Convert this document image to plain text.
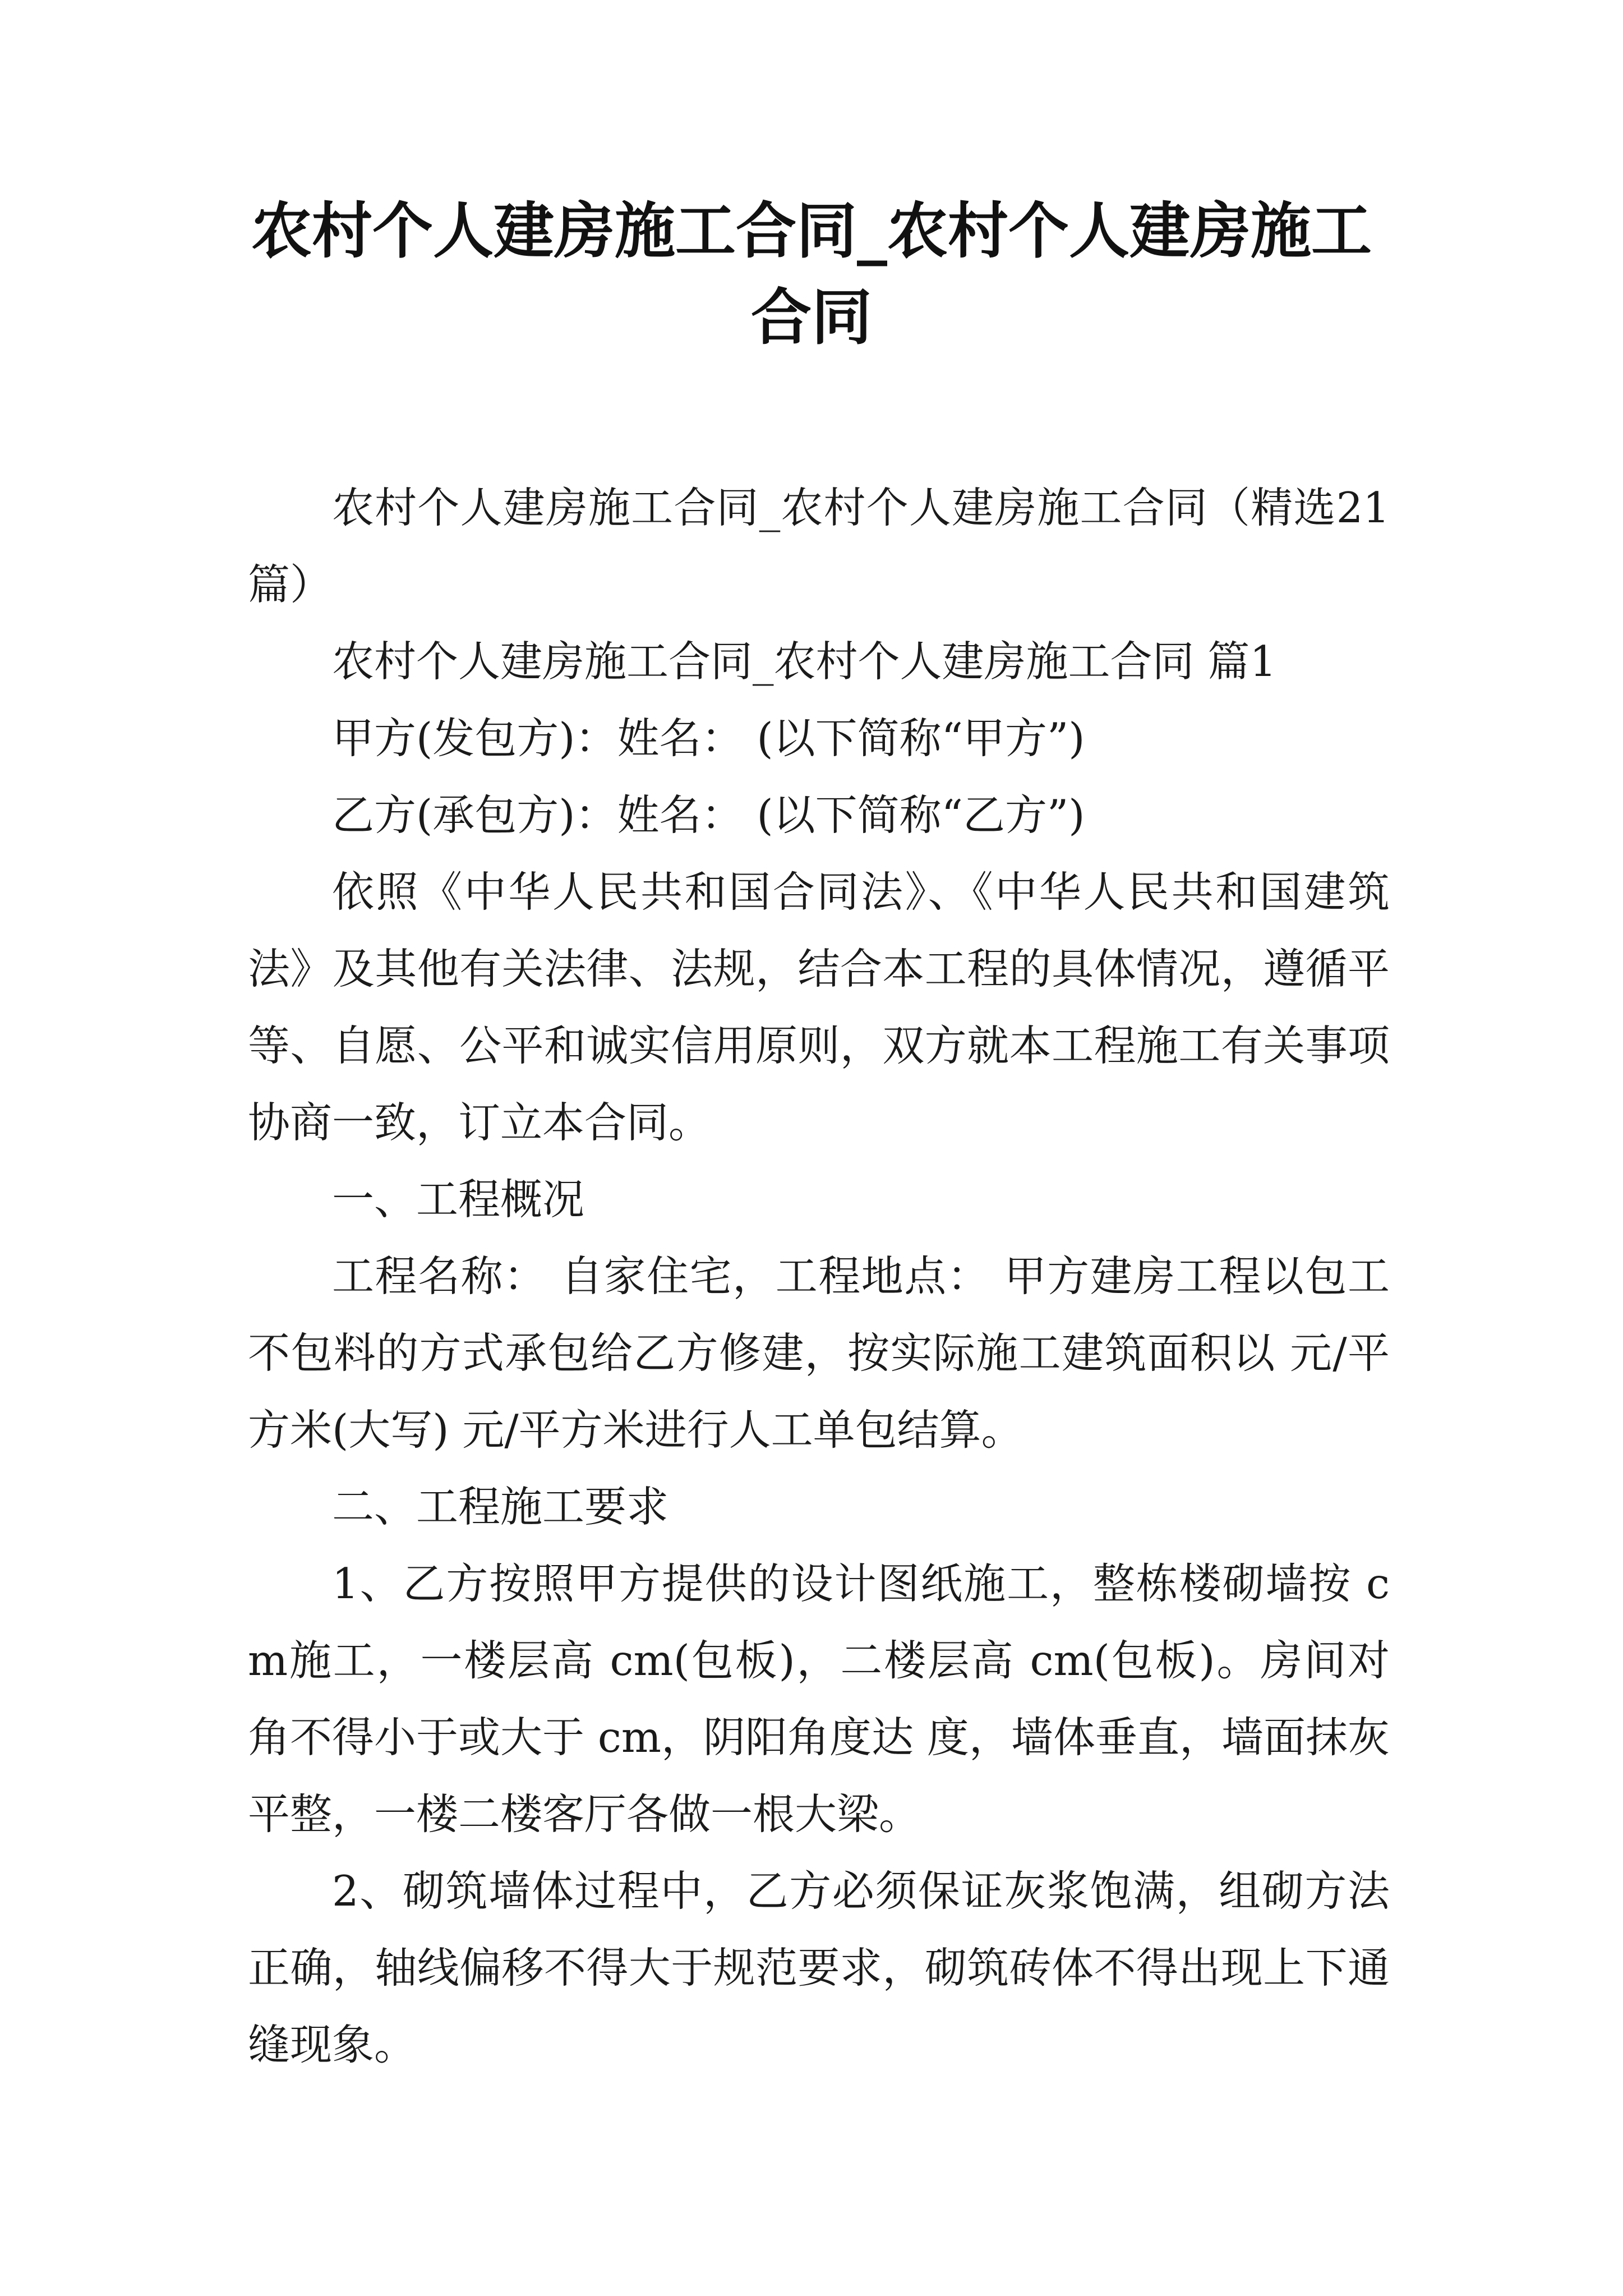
农村个人建房施工合同_农村个人建房施工合同

农村个人建房施工合同_农村个人建房施工合同（精选21篇）

农村个人建房施工合同_农村个人建房施工合同 篇1

甲方(发包方)：姓名： (以下简称“甲方”)

乙方(承包方)：姓名： (以下简称“乙方”)

依照《中华人民共和国合同法》、《中华人民共和国建筑法》及其他有关法律、法规，结合本工程的具体情况，遵循平等、自愿、公平和诚实信用原则，双方就本工程施工有关事项协商一致，订立本合同。

一、工程概况

工程名称： 自家住宅，工程地点： 甲方建房工程以包工不包料的方式承包给乙方修建，按实际施工建筑面积以 元/平方米(大写) 元/平方米进行人工单包结算。

二、工程施工要求

1、乙方按照甲方提供的设计图纸施工，整栋楼砌墙按 cm施工，一楼层高 cm(包板)，二楼层高 cm(包板)。房间对角不得小于或大于 cm，阴阳角度达 度，墙体垂直，墙面抹灰平整，一楼二楼客厅各做一根大梁。

2、砌筑墙体过程中，乙方必须保证灰浆饱满，组砌方法正确，轴线偏移不得大于规范要求，砌筑砖体不得出现上下通缝现象。
